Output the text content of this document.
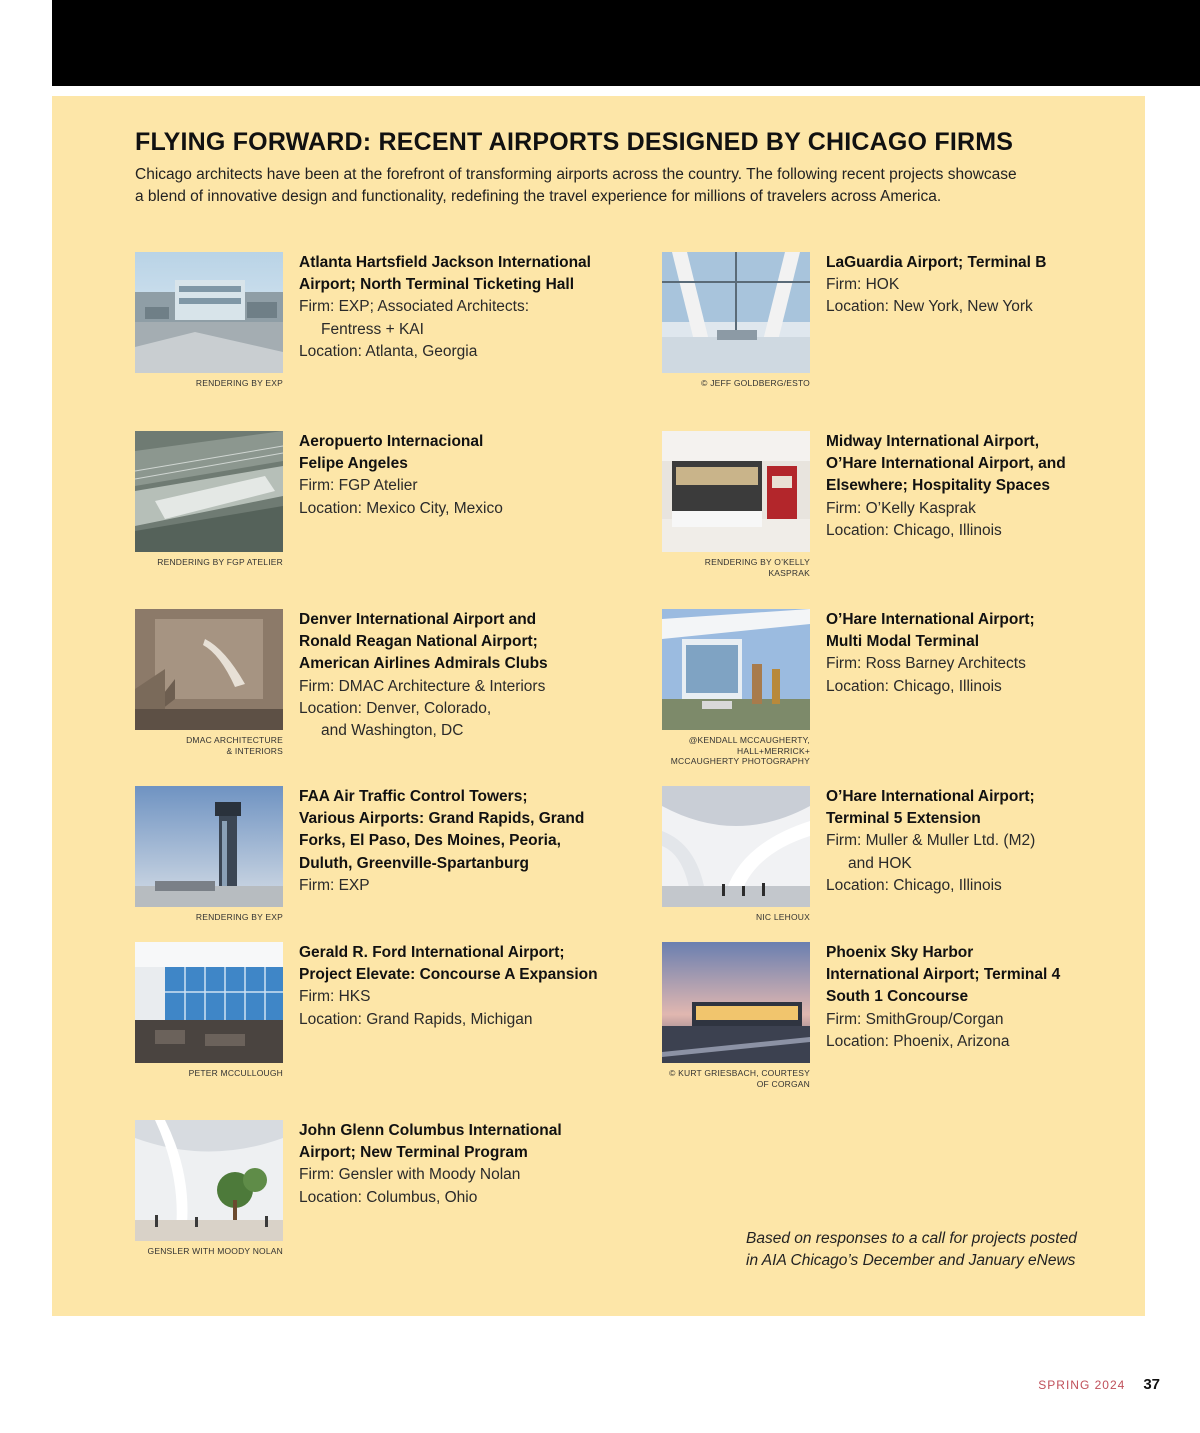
FLYING FORWARD: RECENT AIRPORTS DESIGNED BY CHICAGO FIRMS
Chicago architects have been at the forefront of transforming airports across the country. The following recent projects showcase
a blend of innovative design and functionality, redefining the travel experience for millions of travelers across America.
RENDERING BY EXP
Atlanta Hartsfield Jackson International
Airport; North Terminal Ticketing Hall
Firm: EXP; Associated Architects:
Fentress + KAI
Location: Atlanta, Georgia
© JEFF GOLDBERG/ESTO
LaGuardia Airport; Terminal B
Firm: HOK
Location: New York, New York
RENDERING BY FGP ATELIER
Aeropuerto Internacional
Felipe Angeles
Firm: FGP Atelier
Location: Mexico City, Mexico
RENDERING BY O’KELLY KASPRAK
Midway International Airport,
O’Hare International Airport, and
Elsewhere; Hospitality Spaces
Firm: O’Kelly Kasprak
Location: Chicago, Illinois
DMAC ARCHITECTURE
& INTERIORS
Denver International Airport and
Ronald Reagan National Airport;
American Airlines Admirals Clubs
Firm: DMAC Architecture & Interiors
Location: Denver, Colorado,
and Washington, DC
@KENDALL MCCAUGHERTY,
HALL+MERRICK+
MCCAUGHERTY PHOTOGRAPHY
O’Hare International Airport;
Multi Modal Terminal
Firm: Ross Barney Architects
Location: Chicago, Illinois
RENDERING BY EXP
FAA Air Traffic Control Towers;
Various Airports: Grand Rapids, Grand
Forks, El Paso, Des Moines, Peoria,
Duluth, Greenville-Spartanburg
Firm: EXP
NIC LEHOUX
O’Hare International Airport;
Terminal 5 Extension
Firm: Muller & Muller Ltd. (M2)
and HOK
Location: Chicago, Illinois
PETER MCCULLOUGH
Gerald R. Ford International Airport;
Project Elevate: Concourse A Expansion
Firm: HKS
Location: Grand Rapids, Michigan
© KURT GRIESBACH, COURTESY
OF CORGAN
Phoenix Sky Harbor
International Airport; Terminal 4
South 1 Concourse
Firm: SmithGroup/Corgan
Location: Phoenix, Arizona
GENSLER WITH MOODY NOLAN
John Glenn Columbus International
Airport; New Terminal Program
Firm: Gensler with Moody Nolan
Location: Columbus, Ohio
Based on responses to a call for projects posted
in AIA Chicago’s December and January eNews
SPRING 2024 37
